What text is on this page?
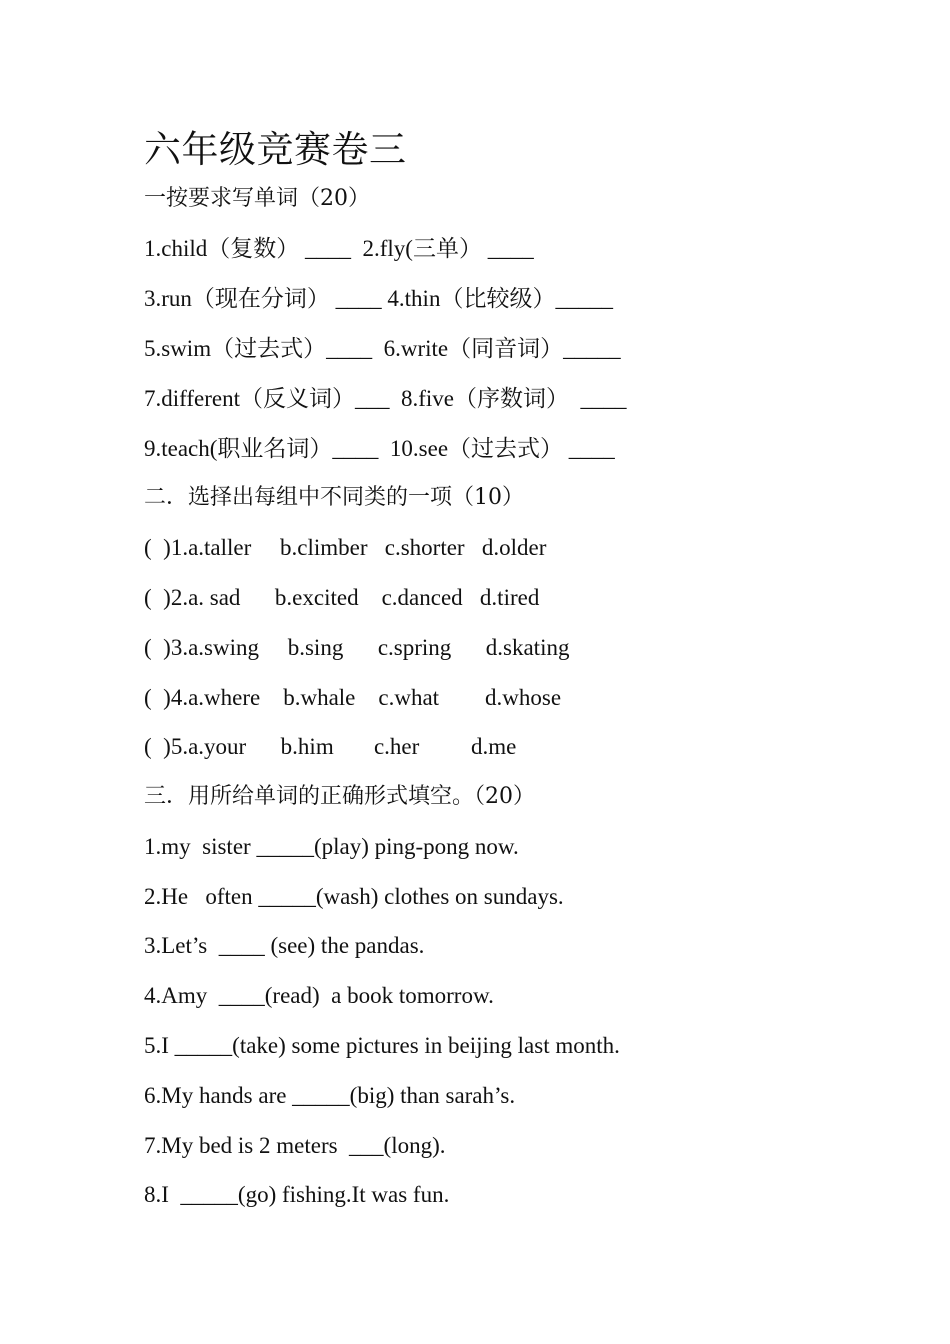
六年级竞赛卷三
一按要求写单词（20）
1.child（复数） ____  2.fly(三单） ____
3.run（现在分词） ____ 4.thin（比较级）_____
5.swim（过去式）____  6.write（同音词）_____
7.different（反义词）___  8.five（序数词）  ____
9.teach(职业名词）____  10.see（过去式） ____
二．选择出每组中不同类的一项（10）
(  )1.a.taller     b.climber   c.shorter   d.older
(  )2.a. sad      b.excited    c.danced   d.tired
(  )3.a.swing     b.sing      c.spring      d.skating
(  )4.a.where    b.whale    c.what        d.whose
(  )5.a.your      b.him       c.her         d.me
三．用所给单词的正确形式填空。（20）
1.my  sister _____(play) ping-pong now.
2.He   often _____(wash) clothes on sundays.
3.Let’s  ____ (see) the pandas.
4.Amy  ____(read)  a book tomorrow.
5.I _____(take) some pictures in beijing last month.
6.My hands are _____(big) than sarah’s.
7.My bed is 2 meters  ___(long).
8.I  _____(go) fishing.It was fun.
